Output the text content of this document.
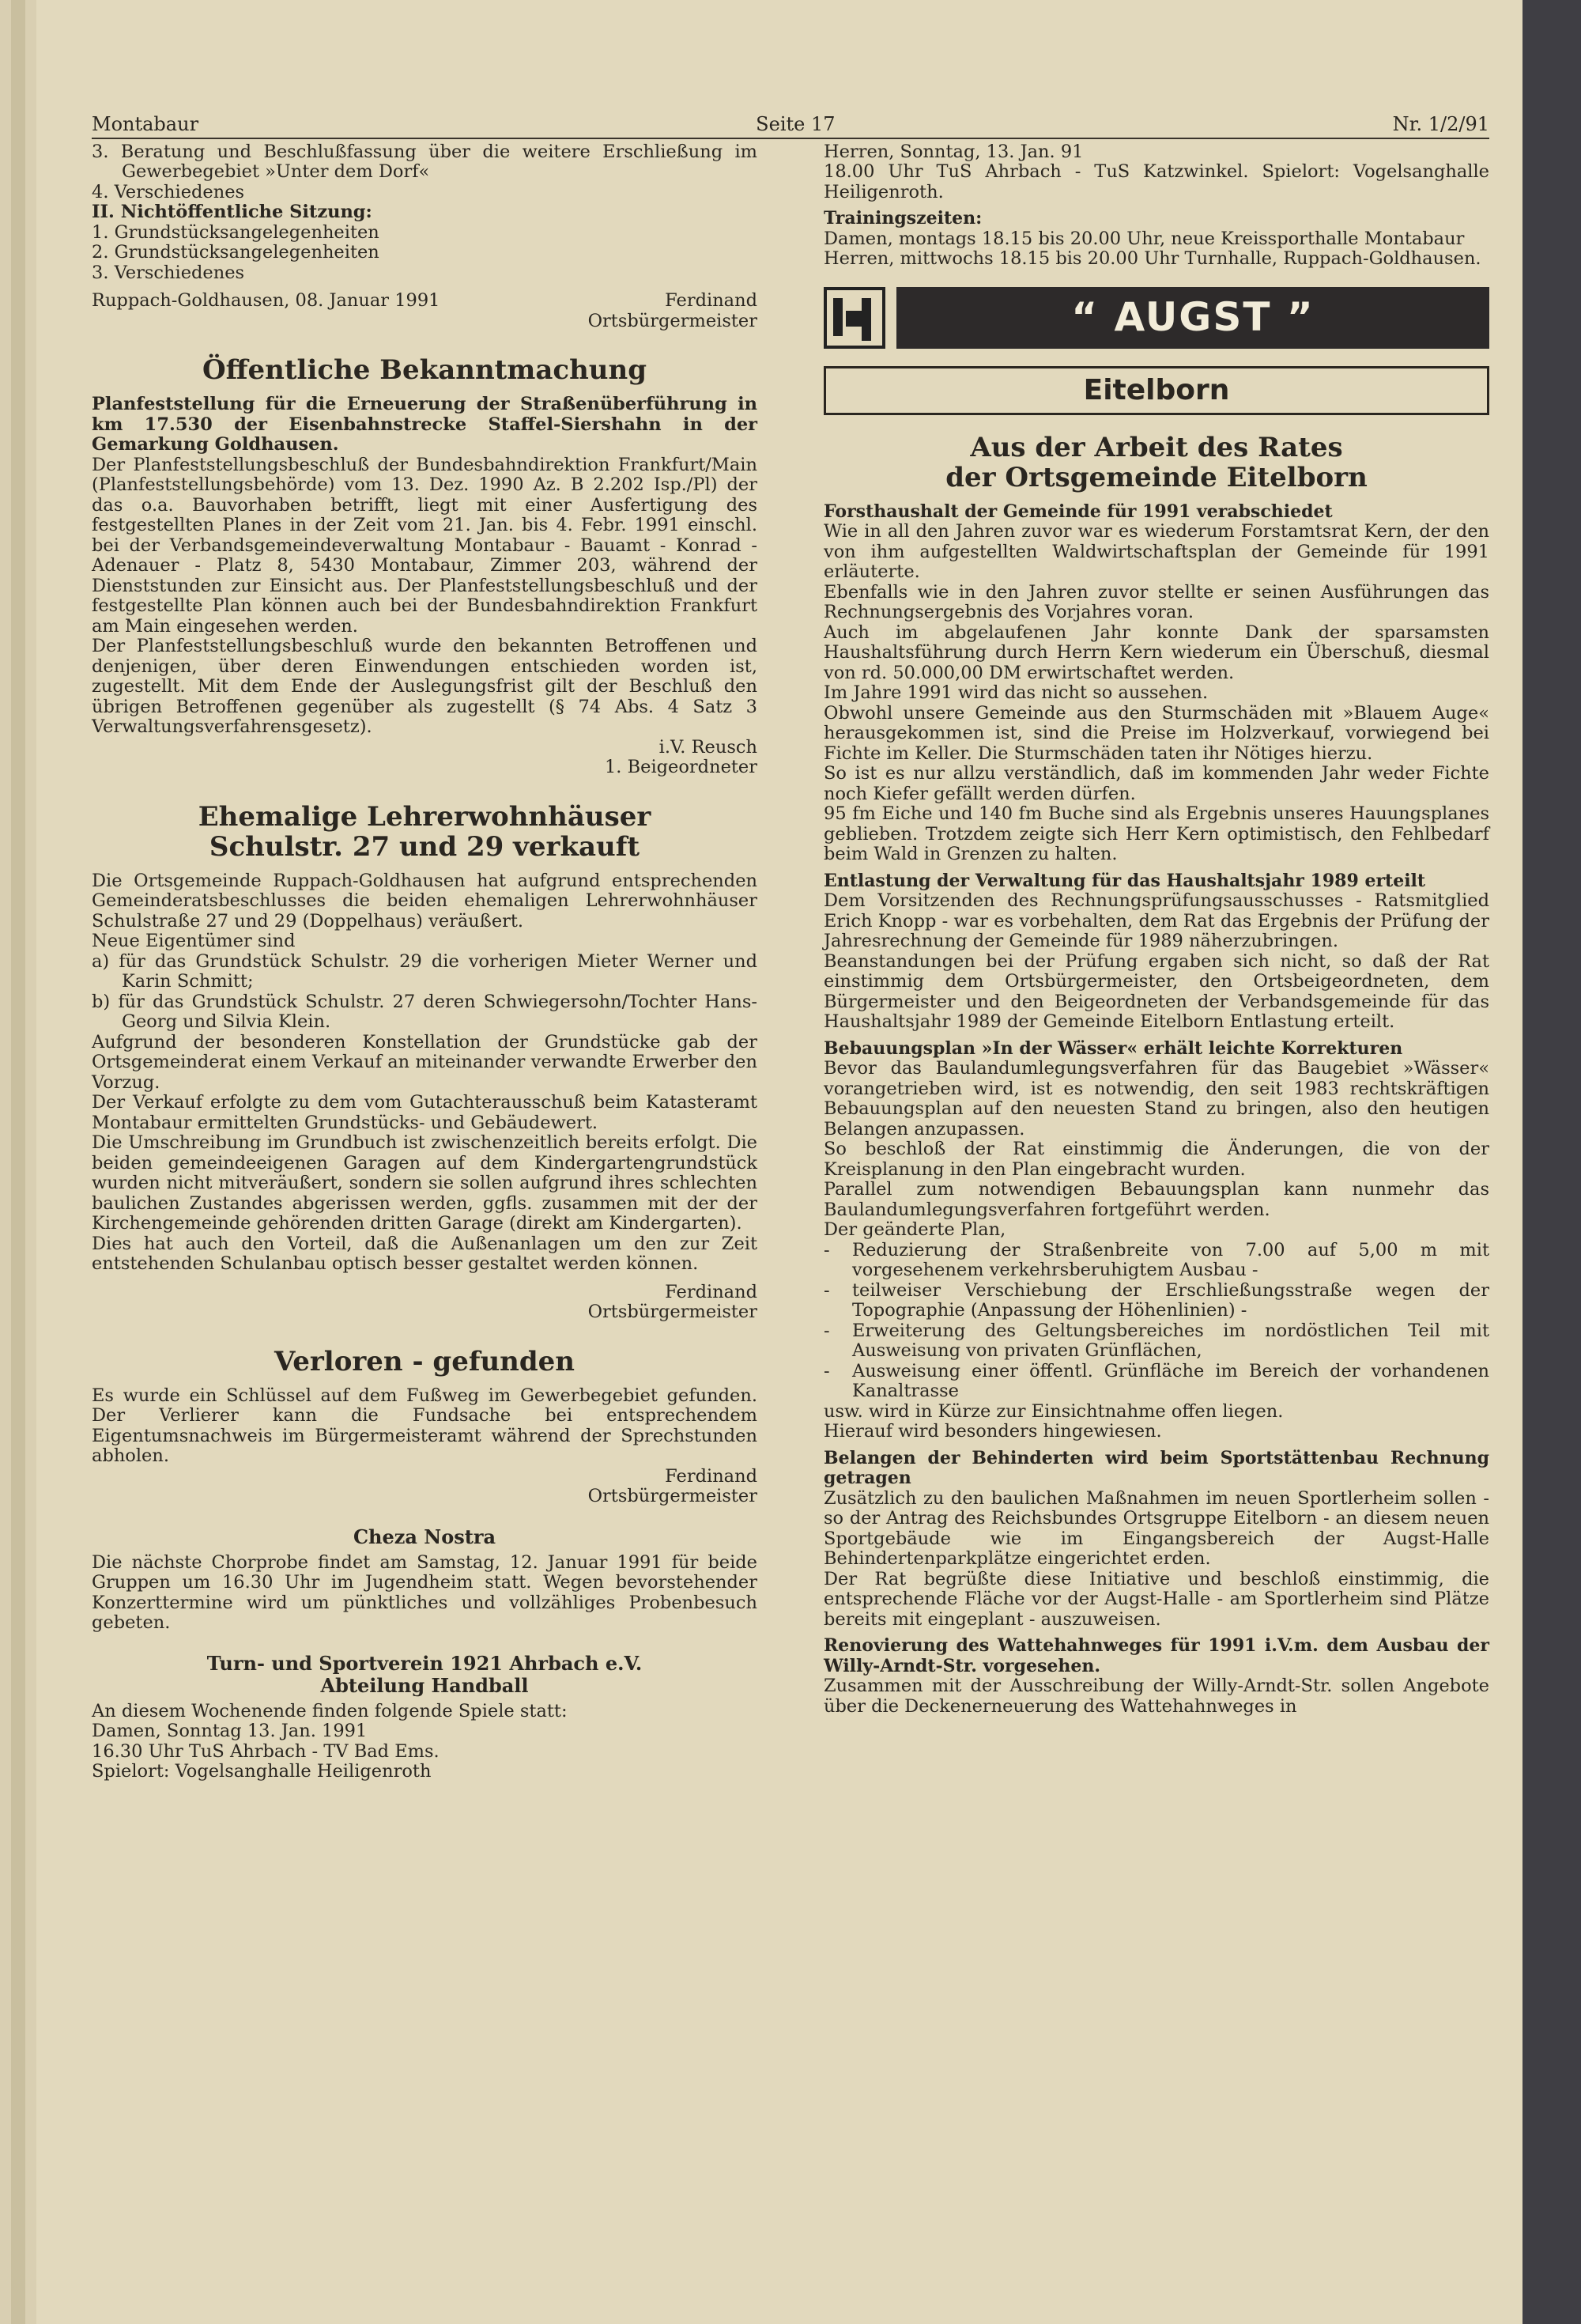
Montabaur	Seite 17	Nr. 1/2/91

3. Beratung und Beschlußfassung über die weitere Erschließung im Gewerbegebiet »Unter dem Dorf«

4. Verschiedenes

II. Nichtöffentliche Sitzung:

1. Grundstücksangelegenheiten

2. Grundstücksangelegenheiten

3. Verschiedenes

Ruppach-Goldhausen, 08. Januar 1991	Ferdinand

Ortsbürgermeister

Öffentliche Bekanntmachung

Planfeststellung für die Erneuerung der Straßenüberführung in km 17.530 der Eisenbahnstrecke Staffel-Siershahn in der Gemarkung Goldhausen.

Der Planfeststellungsbeschluß der Bundesbahndirektion Frankfurt/Main (Planfeststellungsbehörde) vom 13. Dez. 1990 Az. B 2.202 Isp./Pl) der das o.a. Bauvorhaben betrifft, liegt mit einer Ausfertigung des festgestellten Planes in der Zeit vom 21. Jan. bis 4. Febr. 1991 einschl. bei der Verbandsgemeindeverwaltung Montabaur - Bauamt - Konrad - Adenauer - Platz 8, 5430 Montabaur, Zimmer 203, während der Dienststunden zur Einsicht aus. Der Planfeststellungsbeschluß und der festgestellte Plan können auch bei der Bundesbahndirektion Frankfurt am Main eingesehen werden.

Der Planfeststellungsbeschluß wurde den bekannten Betroffenen und denjenigen, über deren Einwendungen entschieden worden ist, zugestellt. Mit dem Ende der Auslegungsfrist gilt der Beschluß den übrigen Betroffenen gegenüber als zugestellt (§ 74 Abs. 4 Satz 3 Verwaltungsverfahrensgesetz).

i.V. Reusch

1. Beigeordneter

Ehemalige Lehrerwohnhäuser
Schulstr. 27 und 29 verkauft

Die Ortsgemeinde Ruppach-Goldhausen hat aufgrund entsprechenden Gemeinderatsbeschlusses die beiden ehemaligen Lehrerwohnhäuser Schulstraße 27 und 29 (Doppelhaus) veräußert.

Neue Eigentümer sind

a) für das Grundstück Schulstr. 29 die vorherigen Mieter Werner und Karin Schmitt;

b) für das Grundstück Schulstr. 27 deren Schwiegersohn/Tochter Hans-Georg und Silvia Klein.

Aufgrund der besonderen Konstellation der Grundstücke gab der Ortsgemeinderat einem Verkauf an miteinander verwandte Erwerber den Vorzug.

Der Verkauf erfolgte zu dem vom Gutachterausschuß beim Katasteramt Montabaur ermittelten Grundstücks- und Gebäudewert.

Die Umschreibung im Grundbuch ist zwischenzeitlich bereits erfolgt. Die beiden gemeindeeigenen Garagen auf dem Kindergartengrundstück wurden nicht mitveräußert, sondern sie sollen aufgrund ihres schlechten baulichen Zustandes abgerissen werden, ggfls. zusammen mit der der Kirchengemeinde gehörenden dritten Garage (direkt am Kindergarten).

Dies hat auch den Vorteil, daß die Außenanlagen um den zur Zeit entstehenden Schulanbau optisch besser gestaltet werden können.

Ferdinand

Ortsbürgermeister

Verloren - gefunden

Es wurde ein Schlüssel auf dem Fußweg im Gewerbegebiet gefunden. Der Verlierer kann die Fundsache bei entsprechendem Eigentumsnachweis im Bürgermeisteramt während der Sprechstunden abholen.

Ferdinand

Ortsbürgermeister

Cheza Nostra

Die nächste Chorprobe findet am Samstag, 12. Januar 1991 für beide Gruppen um 16.30 Uhr im Jugendheim statt. Wegen bevorstehender Konzerttermine wird um pünktliches und vollzähliges Probenbesuch gebeten.

Turn- und Sportverein 1921 Ahrbach e.V.
Abteilung Handball

An diesem Wochenende finden folgende Spiele statt:

Damen, Sonntag 13. Jan. 1991

16.30 Uhr TuS Ahrbach - TV Bad Ems.

Spielort: Vogelsanghalle Heiligenroth

Herren, Sonntag, 13. Jan. 91

18.00 Uhr TuS Ahrbach - TuS Katzwinkel. Spielort: Vogelsanghalle Heiligenroth.

Trainingszeiten:

Damen, montags 18.15 bis 20.00 Uhr, neue Kreissporthalle Montabaur

Herren, mittwochs 18.15 bis 20.00 Uhr Turnhalle, Ruppach-Goldhausen.

“ AUGST ”
Eitelborn
Aus der Arbeit des Rates
der Ortsgemeinde Eitelborn

Forsthaushalt der Gemeinde für 1991 verabschiedet

Wie in all den Jahren zuvor war es wiederum Forstamtsrat Kern, der den von ihm aufgestellten Waldwirtschaftsplan der Gemeinde für 1991 erläuterte.

Ebenfalls wie in den Jahren zuvor stellte er seinen Ausführungen das Rechnungsergebnis des Vorjahres voran.

Auch im abgelaufenen Jahr konnte Dank der sparsamsten Haushaltsführung durch Herrn Kern wiederum ein Überschuß, diesmal von rd. 50.000,00 DM erwirtschaftet werden.

Im Jahre 1991 wird das nicht so aussehen.

Obwohl unsere Gemeinde aus den Sturmschäden mit »Blauem Auge« herausgekommen ist, sind die Preise im Holzverkauf, vorwiegend bei Fichte im Keller. Die Sturmschäden taten ihr Nötiges hierzu.

So ist es nur allzu verständlich, daß im kommenden Jahr weder Fichte noch Kiefer gefällt werden dürfen.

95 fm Eiche und 140 fm Buche sind als Ergebnis unseres Hauungsplanes geblieben. Trotzdem zeigte sich Herr Kern optimistisch, den Fehlbedarf beim Wald in Grenzen zu halten.

Entlastung der Verwaltung für das Haushaltsjahr 1989 erteilt

Dem Vorsitzenden des Rechnungsprüfungsausschusses - Ratsmitglied Erich Knopp - war es vorbehalten, dem Rat das Ergebnis der Prüfung der Jahresrechnung der Gemeinde für 1989 näherzubringen.

Beanstandungen bei der Prüfung ergaben sich nicht, so daß der Rat einstimmig dem Ortsbürgermeister, den Ortsbeigeordneten, dem Bürgermeister und den Beigeordneten der Verbandsgemeinde für das Haushaltsjahr 1989 der Gemeinde Eitelborn Entlastung erteilt.

Bebauungsplan »In der Wässer« erhält leichte Korrekturen

Bevor das Baulandumlegungsverfahren für das Baugebiet »Wässer« vorangetrieben wird, ist es notwendig, den seit 1983 rechtskräftigen Bebauungsplan auf den neuesten Stand zu bringen, also den heutigen Belangen anzupassen.

So beschloß der Rat einstimmig die Änderungen, die von der Kreisplanung in den Plan eingebracht wurden.

Parallel zum notwendigen Bebauungsplan kann nunmehr das Baulandumlegungsverfahren fortgeführt werden.

Der geänderte Plan,

- Reduzierung der Straßenbreite von 7.00 auf 5,00 m mit vorgesehenem verkehrsberuhigtem Ausbau -
- teilweiser Verschiebung der Erschließungsstraße wegen der Topographie (Anpassung der Höhenlinien) -
- Erweiterung des Geltungsbereiches im nordöstlichen Teil mit Ausweisung von privaten Grünflächen,
- Ausweisung einer öffentl. Grünfläche im Bereich der vorhandenen Kanaltrasse

usw. wird in Kürze zur Einsichtnahme offen liegen.

Hierauf wird besonders hingewiesen.

Belangen der Behinderten wird beim Sportstättenbau Rechnung getragen

Zusätzlich zu den baulichen Maßnahmen im neuen Sportlerheim sollen - so der Antrag des Reichsbundes Ortsgruppe Eitelborn - an diesem neuen Sportgebäude wie im Eingangsbereich der Augst-Halle Behindertenparkplätze eingerichtet erden.

Der Rat begrüßte diese Initiative und beschloß einstimmig, die entsprechende Fläche vor der Augst-Halle - am Sportlerheim sind Plätze bereits mit eingeplant - auszuweisen.

Renovierung des Wattehahnweges für 1991 i.V.m. dem Ausbau der Willy-Arndt-Str. vorgesehen.

Zusammen mit der Ausschreibung der Willy-Arndt-Str. sollen Angebote über die Deckenerneuerung des Wattehahnweges in
